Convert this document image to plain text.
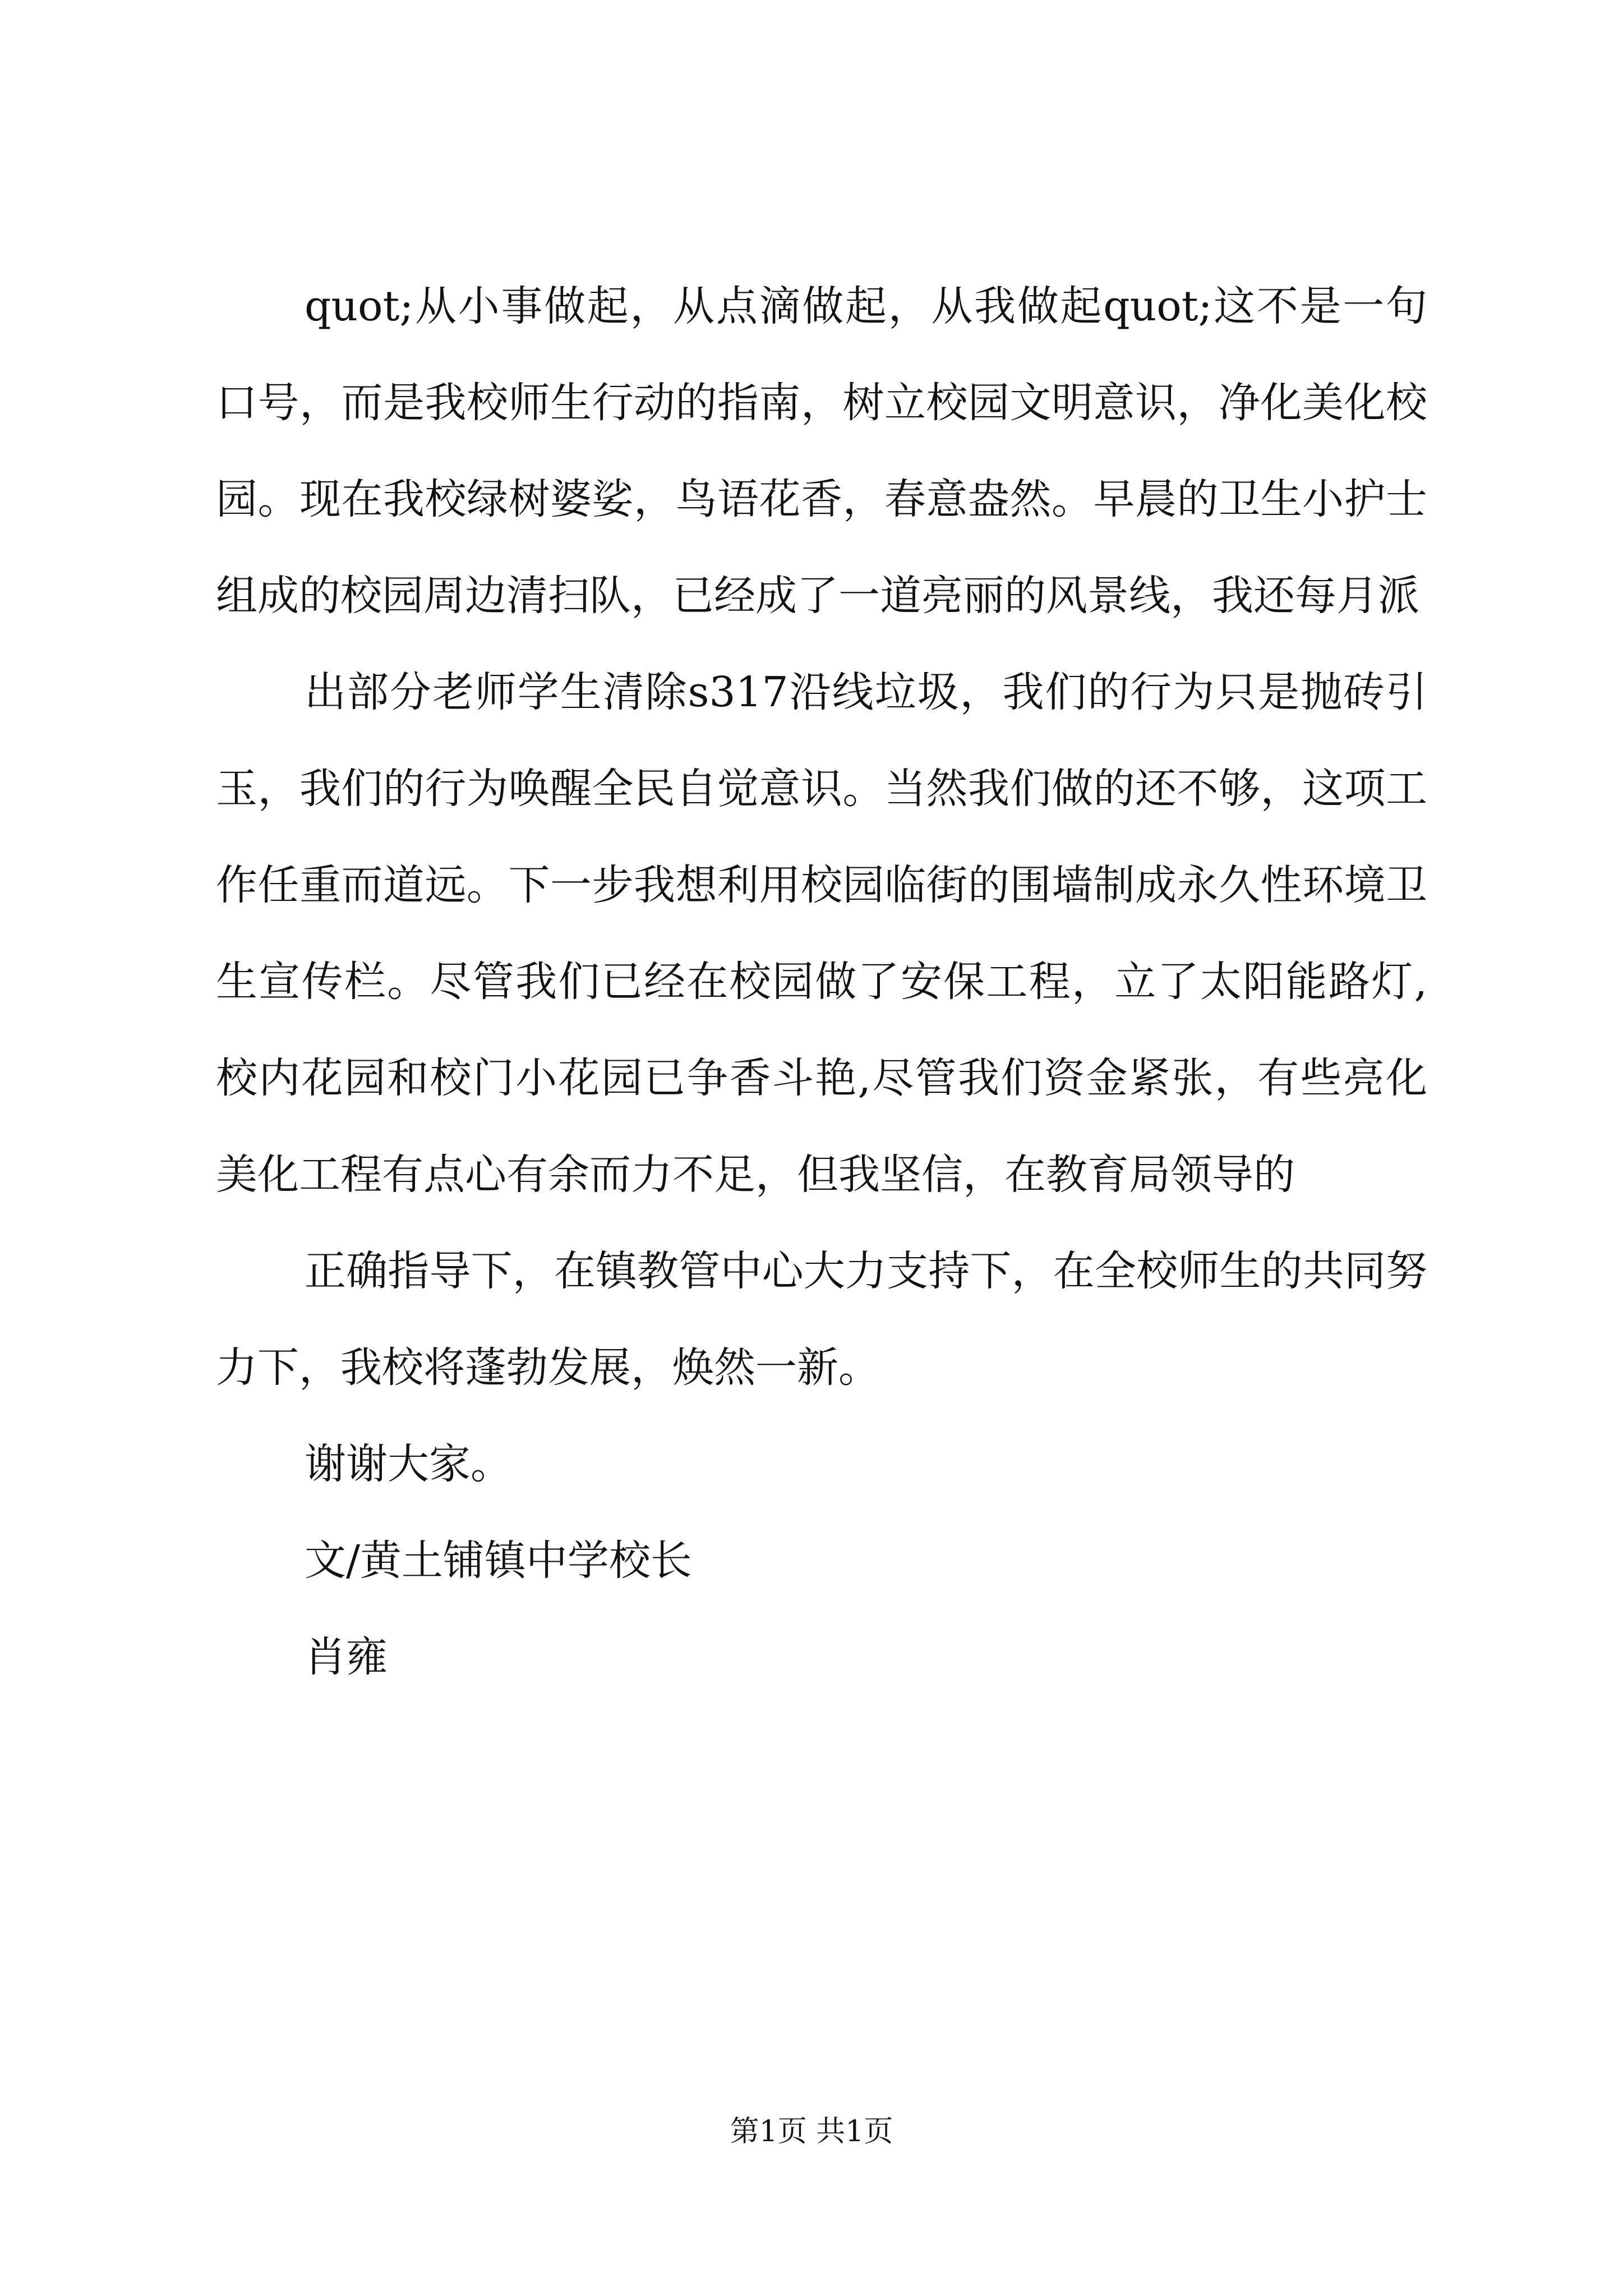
quot;从小事做起，从点滴做起，从我做起quot;这不是一句口号，而是我校师生行动的指南，树立校园文明意识，净化美化校园。现在我校绿树婆娑，鸟语花香，春意盎然。早晨的卫生小护士组成的校园周边清扫队，已经成了一道亮丽的风景线，我还每月派

出部分老师学生清除s317沿线垃圾，我们的行为只是抛砖引玉，我们的行为唤醒全民自觉意识。当然我们做的还不够，这项工作任重而道远。下一步我想利用校园临街的围墙制成永久性环境卫生宣传栏。尽管我们已经在校园做了安保工程，立了太阳能路灯,校内花园和校门小花园已争香斗艳,尽管我们资金紧张，有些亮化美化工程有点心有余而力不足，但我坚信，在教育局领导的

正确指导下，在镇教管中心大力支持下，在全校师生的共同努力下，我校将蓬勃发展，焕然一新。

谢谢大家。

文/黄土铺镇中学校长

肖雍

第1页 共1页
